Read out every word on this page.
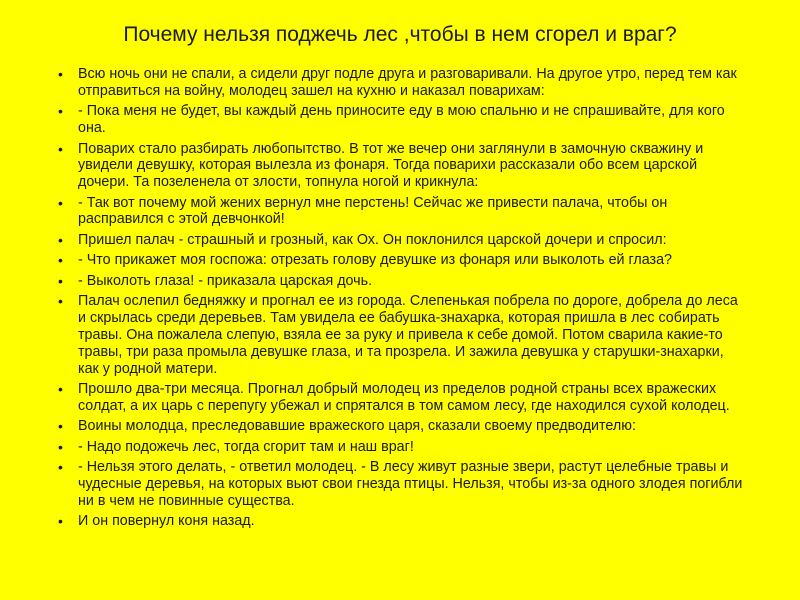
Почему нельзя поджечь лес ,чтобы в нем сгорел и враг?
• Всю ночь они не спали, а сидели друг подле друга и разговаривали. На другое утро, перед тем как отправиться на войну, молодец зашел на кухню и наказал поварихам:
• - Пока меня не будет, вы каждый день приносите еду в мою спальню и не спрашивайте, для кого она.
• Поварих стало разбирать любопытство. В тот же вечер они заглянули в замочную скважину и увидели девушку, которая вылезла из фонаря. Тогда поварихи рассказали обо всем царской дочери. Та позеленела от злости, топнула ногой и крикнула:
• - Так вот почему мой жених вернул мне перстень! Сейчас же привести палача, чтобы он расправился с этой девчонкой!
• Пришел палач - страшный и грозный, как Ох. Он поклонился царской дочери и спросил:
• - Что прикажет моя госпожа: отрезать голову девушке из фонаря или выколоть ей глаза?
• - Выколоть глаза! - приказала царская дочь.
• Палач ослепил бедняжку и прогнал ее из города. Слепенькая побрела по дороге, добрела до леса и скрылась среди деревьев. Там увидела ее бабушка-знахарка, которая пришла в лес собирать травы. Она пожалела слепую, взяла ее за руку и привела к себе домой. Потом сварила какие-то травы, три раза промыла девушке глаза, и та прозрела. И зажила девушка у старушки-знахарки, как у родной матери.
• Прошло два-три месяца. Прогнал добрый молодец из пределов родной страны всех вражеских солдат, а их царь с перепугу убежал и спрятался в том самом лесу, где находился сухой колодец.
• Воины молодца, преследовавшие вражеского царя, сказали своему предводителю:
• - Надо подожечь лес, тогда сгорит там и наш враг!
• - Нельзя этого делать, - ответил молодец. - В лесу живут разные звери, растут целебные травы и чудесные деревья, на которых вьют свои гнезда птицы. Нельзя, чтобы из-за одного злодея погибли ни в чем не повинные существа.
• И он повернул коня назад.
